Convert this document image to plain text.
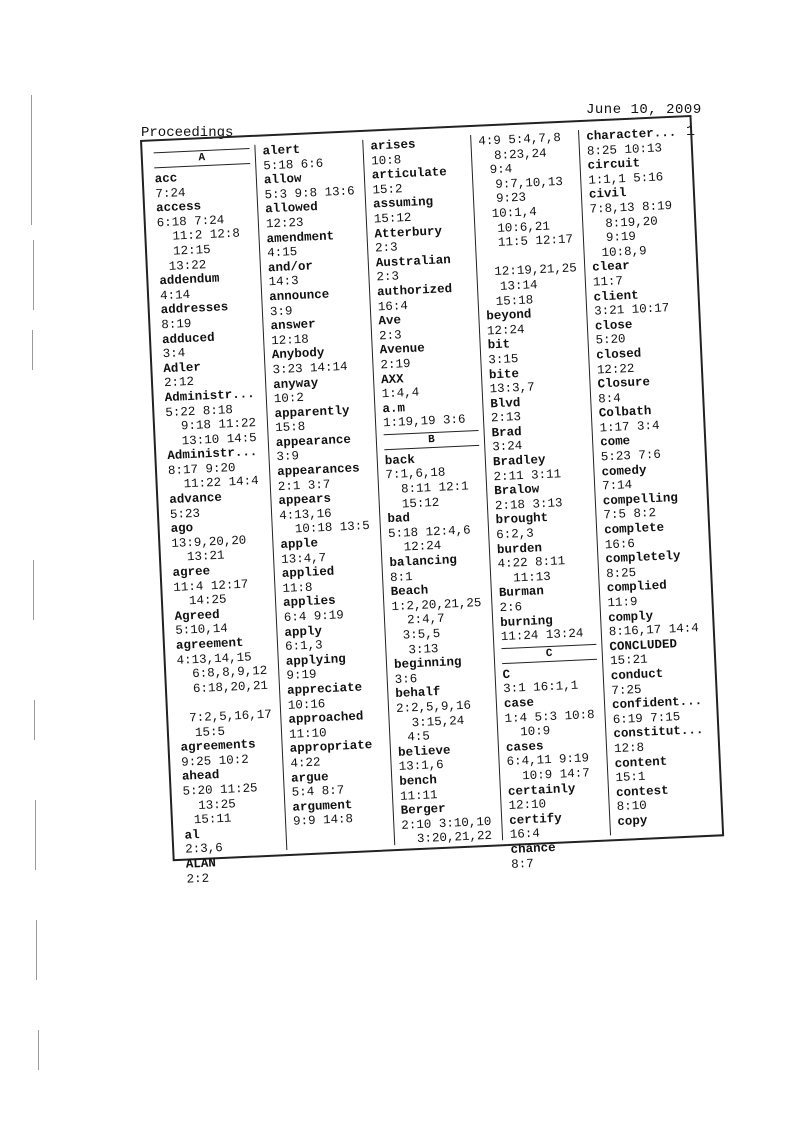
June 10, 2009
Proceedings	1
A
acc
7:24
access
6:18 7:24
11:2 12:8
12:15 13:22
addendum
4:14
addresses
8:19
adduced
3:4
Adler
2:12
Administr...
5:22 8:18
9:18 11:22
13:10 14:5
Administr...
8:17 9:20
11:22 14:4
advance
5:23
ago
13:9,20,20
13:21
agree
11:4 12:17
14:25
Agreed
5:10,14
agreement
4:13,14,15
6:8,8,9,12
6:18,20,21
7:2,5,16,17
15:5
agreements
9:25 10:2
ahead
5:20 11:25
13:25 15:11
al
2:3,6
ALAN
2:2
alert
5:18 6:6
allow
5:3 9:8 13:6
allowed
12:23
amendment
4:15
and/or
14:3
announce
3:9
answer
12:18
Anybody
3:23 14:14
anyway
10:2
apparently
15:8
appearance
3:9
appearances
2:1 3:7
appears
4:13,16
10:18 13:5
apple
13:4,7
applied
11:8
applies
6:4 9:19
apply
6:1,3
applying
9:19
appreciate
10:16
approached
11:10
appropriate
4:22
argue
5:4 8:7
argument
9:9 14:8
arises
10:8
articulate
15:2
assuming
15:12
Atterbury
2:3
Australian
2:3
authorized
16:4
Ave
2:3
Avenue
2:19
AXX
1:4,4
a.m
1:19,19 3:6
B
back
7:1,6,18
8:11 12:1
15:12
bad
5:18 12:4,6
12:24
balancing
8:1
Beach
1:2,20,21,25
2:4,7 3:5,5
3:13
beginning
3:6
behalf
2:2,5,9,16
3:15,24 4:5
believe
13:1,6
bench
11:11
Berger
2:10 3:10,10
3:20,21,22
4:9 5:4,7,8
8:23,24 9:4
9:7,10,13
9:23 10:1,4
10:6,21
11:5 12:17
12:19,21,25
13:14 15:18
beyond
12:24
bit
3:15
bite
13:3,7
Blvd
2:13
Brad
3:24
Bradley
2:11 3:11
Bralow
2:18 3:13
brought
6:2,3
burden
4:22 8:11
11:13
Burman
2:6
burning
11:24 13:24
C
C
3:1 16:1,1
case
1:4 5:3 10:8
10:9
cases
6:4,11 9:19
10:9 14:7
certainly
12:10
certify
16:4
chance
8:7
character...
8:25 10:13
circuit
1:1,1 5:16
civil
7:8,13 8:19
8:19,20
9:19 10:8,9
clear
11:7
client
3:21 10:17
close
5:20
closed
12:22
Closure
8:4
Colbath
1:17 3:4
come
5:23 7:6
comedy
7:14
compelling
7:5 8:2
complete
16:6
completely
8:25
complied
11:9
comply
8:16,17 14:4
CONCLUDED
15:21
conduct
7:25
confident...
6:19 7:15
constitut...
12:8
content
15:1
contest
8:10
copy
